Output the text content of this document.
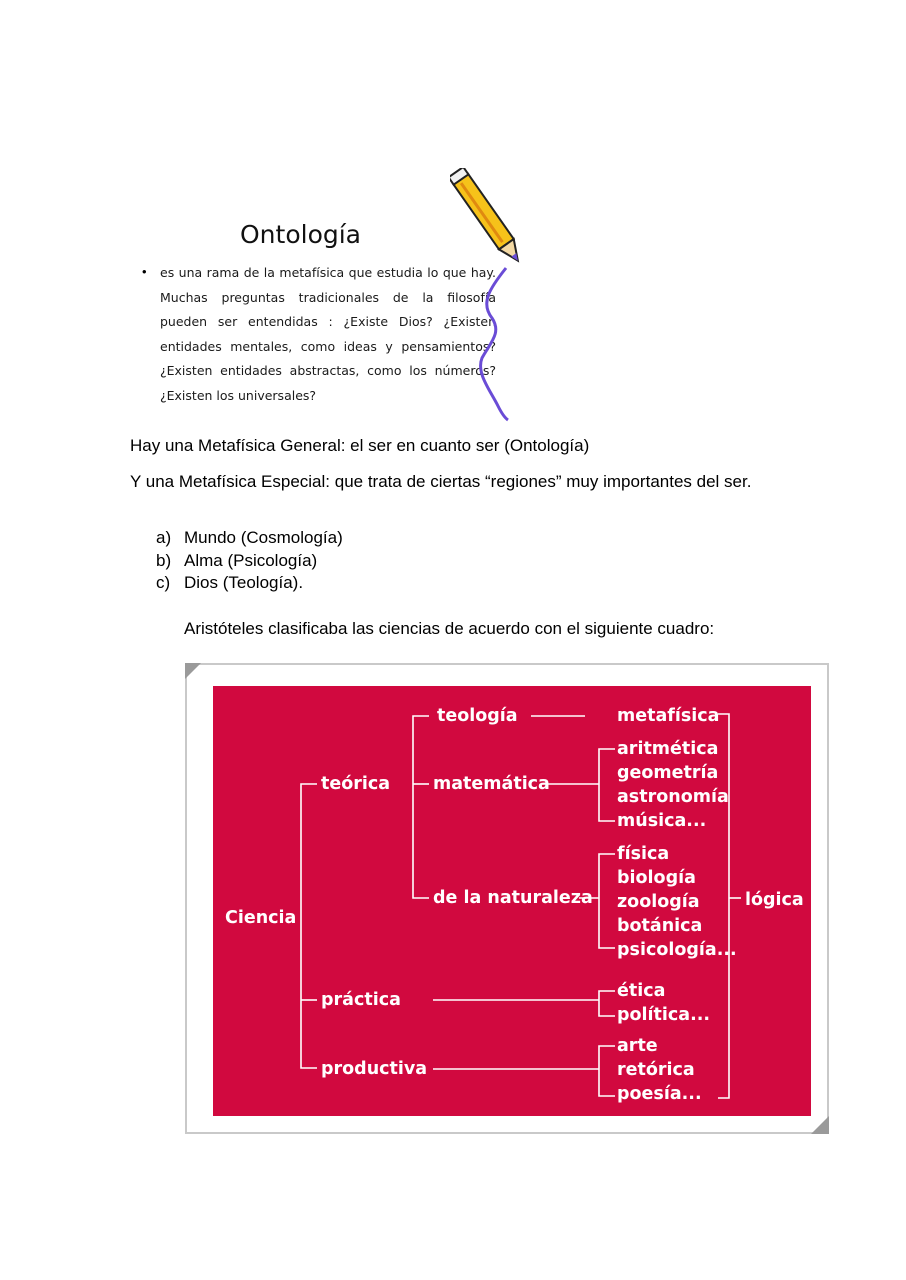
Ontología
• es una rama de la metafísica que estudia lo que hay. Muchas preguntas tradicionales de la filosofía pueden ser entendidas : ¿Existe Dios? ¿Existen entidades mentales, como ideas y pensamientos? ¿Existen entidades abstractas, como los números? ¿Existen los universales?
Hay una Metafísica General: el ser en cuanto ser (Ontología)
Y una Metafísica Especial: que trata de ciertas “regiones” muy importantes del ser.
a) Mundo (Cosmología)
b) Alma (Psicología)
c) Dios (Teología).
Aristóteles clasificaba las ciencias de acuerdo con el siguiente cuadro:
Ciencia
teórica
práctica
productiva
teología
matemática
de la naturaleza
metafísica
aritmética
geometría
astronomía
música...
física
biología
zoología
botánica
psicología...
ética
política...
arte
retórica
poesía...
lógica
